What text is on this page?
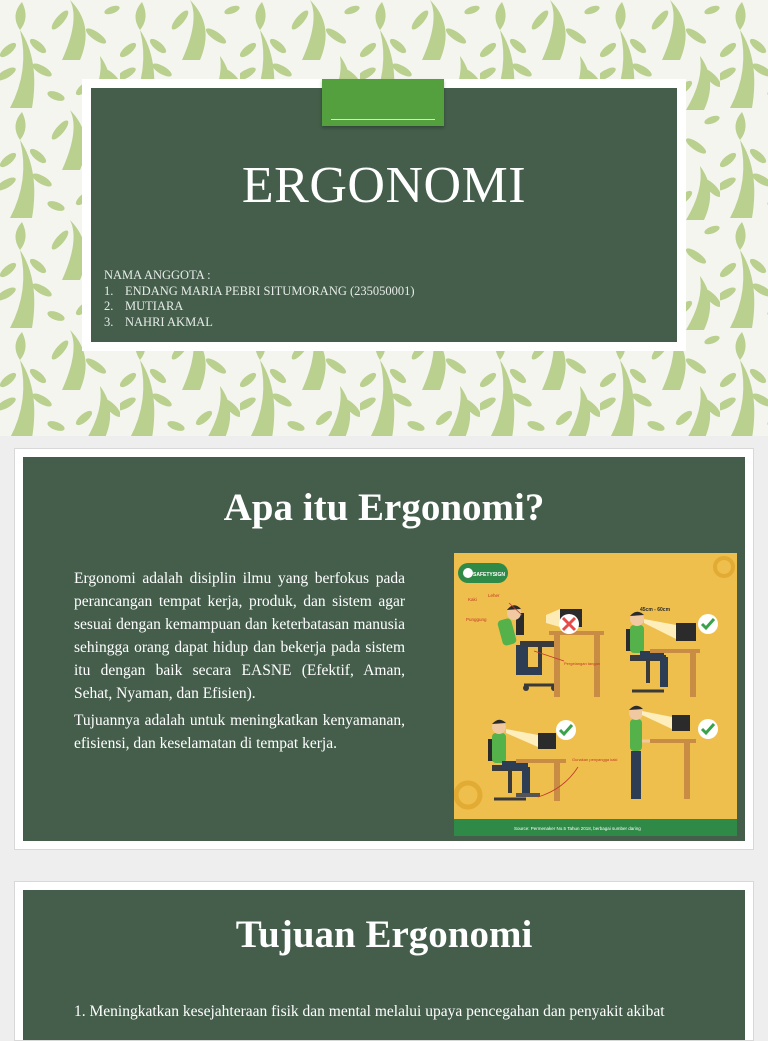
ERGONOMI
NAMA ANGGOTA :
1. ENDANG MARIA PEBRI SITUMORANG (235050001)
2. MUTIARA
3. NAHRI AKMAL
Apa itu Ergonomi?

Ergonomi adalah disiplin ilmu yang berfokus pada perancangan tempat kerja, produk, dan sistem agar sesuai dengan kemampuan dan keterbatasan manusia sehingga orang dapat hidup dan bekerja pada sistem itu dengan baik secara EASNE (Efektif, Aman, Sehat, Nyaman, dan Efisien).

Tujuannya adalah untuk meningkatkan kenyamanan, efisiensi, dan keselamatan di tempat kerja.

SAFETYSIGN
Kaki
Leher
Punggung
Pergelangan tangan
45cm - 60cm
Gunakan penyangga kaki
Source: Permenaker No.5 Tahun 2018, berbagai sumber daring
Tujuan Ergonomi
1. Meningkatkan kesejahteraan fisik dan mental melalui upaya pencegahan dan penyakit akibat
